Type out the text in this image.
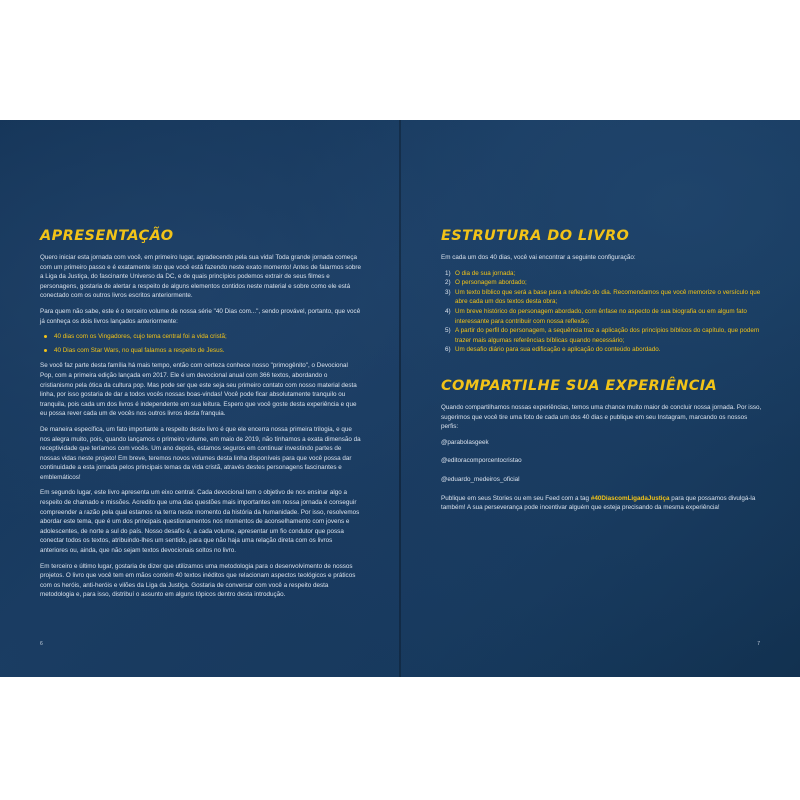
APRESENTAÇÃO

Quero iniciar esta jornada com você, em primeiro lugar, agradecendo pela sua vida! Toda grande jornada começa com um primeiro passo e é exatamente isto que você está fazendo neste exato momento! Antes de falarmos sobre a Liga da Justiça, do fascinante Universo da DC, e de quais princípios podemos extrair de seus filmes e personagens, gostaria de alertar a respeito de alguns elementos contidos neste material e sobre como ele está conectado com os outros livros escritos anteriormente.

Para quem não sabe, este é o terceiro volume de nossa série "40 Dias com...", sendo provável, portanto, que você já conheça os dois livros lançados anteriormente:

40 dias com os Vingadores, cujo tema central foi a vida cristã;
40 Dias com Star Wars, no qual falamos a respeito de Jesus.

Se você faz parte desta família há mais tempo, então com certeza conhece nosso "primogênito", o Devocional Pop, com a primeira edição lançada em 2017. Ele é um devocional anual com 366 textos, abordando o cristianismo pela ótica da cultura pop. Mas pode ser que este seja seu primeiro contato com nosso material desta linha, por isso gostaria de dar a todos vocês nossas boas-vindas! Você pode ficar absolutamente tranquilo ou tranquila, pois cada um dos livros é independente em sua leitura. Espero que você goste desta experiência e que eu possa rever cada um de vocês nos outros livros desta franquia.

De maneira específica, um fato importante a respeito deste livro é que ele encerra nossa primeira trilogia, e que nos alegra muito, pois, quando lançamos o primeiro volume, em maio de 2019, não tínhamos a exata dimensão da receptividade que teríamos com vocês. Um ano depois, estamos seguros em continuar investindo partes de nossas vidas neste projeto! Em breve, teremos novos volumes desta linha disponíveis para que você possa dar continuidade a esta jornada pelos principais temas da vida cristã, através destes personagens fascinantes e emblemáticos!

Em segundo lugar, este livro apresenta um eixo central. Cada devocional tem o objetivo de nos ensinar algo a respeito de chamado e missões. Acredito que uma das questões mais importantes em nossa jornada é conseguir compreender a razão pela qual estamos na terra neste momento da história da humanidade. Por isso, resolvemos abordar este tema, que é um dos principais questionamentos nos momentos de aconselhamento com jovens e adolescentes, de norte a sul do país. Nosso desafio é, a cada volume, apresentar um fio condutor que possa conectar todos os textos, atribuindo-lhes um sentido, para que não haja uma relação direta com os livros anteriores ou, ainda, que não sejam textos devocionais soltos no livro.

Em terceiro e último lugar, gostaria de dizer que utilizamos uma metodologia para o desenvolvimento de nossos projetos. O livro que você tem em mãos contém 40 textos inéditos que relacionam aspectos teológicos e práticos com os heróis, anti-heróis e vilões da Liga da Justiça. Gostaria de conversar com você a respeito desta metodologia e, para isso, distribuí o assunto em alguns tópicos dentro desta introdução.

6
ESTRUTURA DO LIVRO

Em cada um dos 40 dias, você vai encontrar a seguinte configuração:

1) O dia de sua jornada;
2) O personagem abordado;
3) Um texto bíblico que será a base para a reflexão do dia. Recomendamos que você memorize o versículo que abre cada um dos textos desta obra;
4) Um breve histórico do personagem abordado, com ênfase no aspecto de sua biografia ou em algum fato interessante para contribuir com nossa reflexão;
5) A partir do perfil do personagem, a sequência traz a aplicação dos princípios bíblicos do capítulo, que podem trazer mais algumas referências bíblicas quando necessário;
6) Um desafio diário para sua edificação e aplicação do conteúdo abordado.
COMPARTILHE SUA EXPERIÊNCIA

Quando compartilhamos nossas experiências, temos uma chance muito maior de concluir nossa jornada. Por isso, sugerimos que você tire uma foto de cada um dos 40 dias e publique em seu Instagram, marcando os nossos perfis:

@parabolasgeek
@editoracomporcentocristao
@eduardo_medeiros_oficial

Publique em seus Stories ou em seu Feed com a tag #40DiascomLigadaJustiça para que possamos divulgá-la também! A sua perseverança pode incentivar alguém que esteja precisando da mesma experiência!

7
